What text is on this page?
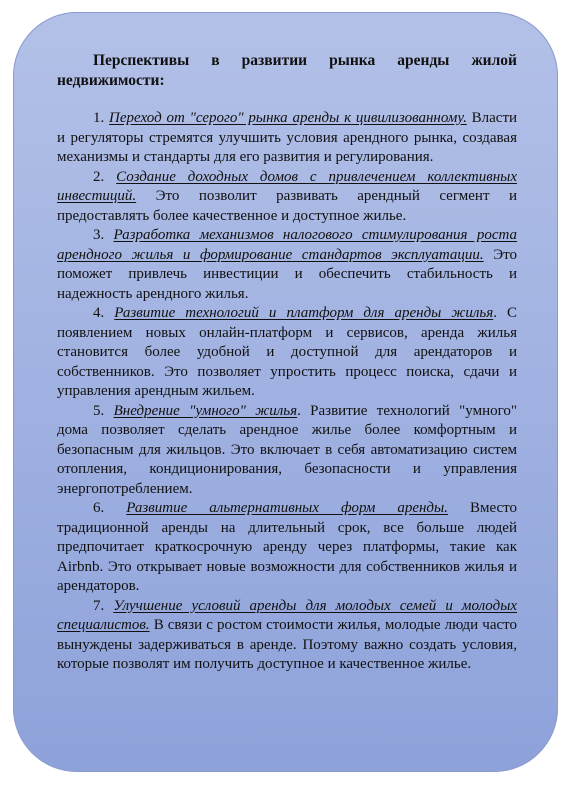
Перспективы в развитии рынка аренды жилой недвижимости:

1. Переход от "серого" рынка аренды к цивилизованному. Власти и регуляторы стремятся улучшить условия арендного рынка, создавая механизмы и стандарты для его развития и регулирования.

2. Создание доходных домов с привлечением коллективных инвестиций. Это позволит развивать арендный сегмент и предоставлять более качественное и доступное жилье.

3. Разработка механизмов налогового стимулирования роста арендного жилья и формирование стандартов эксплуатации. Это поможет привлечь инвестиции и обеспечить стабильность и надежность арендного жилья.

4. Развитие технологий и платформ для аренды жилья. С появлением новых онлайн-платформ и сервисов, аренда жилья становится более удобной и доступной для арендаторов и собственников. Это позволяет упростить процесс поиска, сдачи и управления арендным жильем.

5. Внедрение "умного" жилья. Развитие технологий "умного" дома позволяет сделать арендное жилье более комфортным и безопасным для жильцов. Это включает в себя автоматизацию систем отопления, кондиционирования, безопасности и управления энергопотреблением.

6. Развитие альтернативных форм аренды. Вместо традиционной аренды на длительный срок, все больше людей предпочитает краткосрочную аренду через платформы, такие как Airbnb. Это открывает новые возможности для собственников жилья и арендаторов.

7. Улучшение условий аренды для молодых семей и молодых специалистов. В связи с ростом стоимости жилья, молодые люди часто вынуждены задерживаться в аренде. Поэтому важно создать условия, которые позволят им получить доступное и качественное жилье.
